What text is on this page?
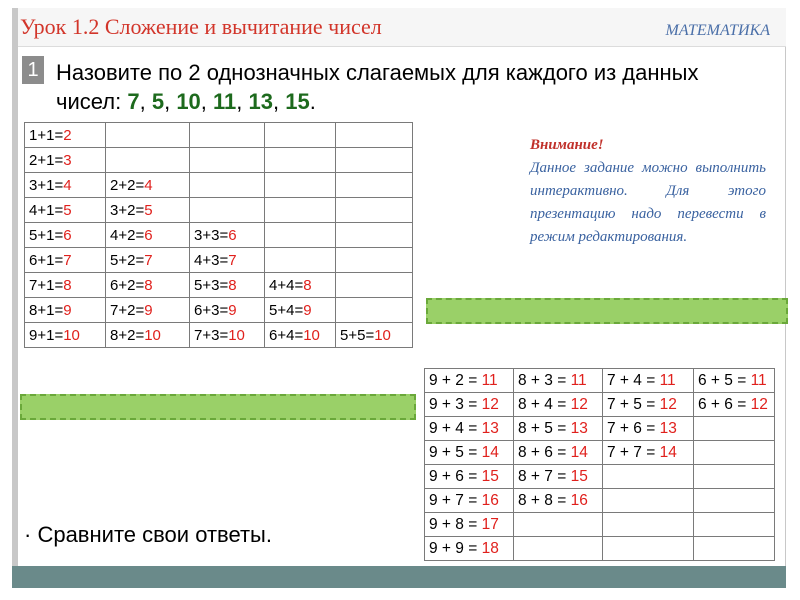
Урок 1.2 Сложение и вычитание чисел	МАТЕМАТИКА
1 Назовите по 2 однозначных слагаемых для каждого из данных чисел: 7, 5, 10, 11, 13, 15.
1+1=2				
2+1=3				
3+1=4	2+2=4			
4+1=5	3+2=5			
5+1=6	4+2=6	3+3=6		
6+1=7	5+2=7	4+3=7		
7+1=8	6+2=8	5+3=8	4+4=8	
8+1=9	7+2=9	6+3=9	5+4=9	
9+1=10	8+2=10	7+3=10	6+4=10	5+5=10
Внимание!
Данное задание можно выполнить интерактивно. Для этого презентацию надо перевести в режим редактирования.
9 + 2 = 11	8 + 3 = 11	7 + 4 = 11	6 + 5 = 11
9 + 3 = 12	8 + 4 = 12	7 + 5 = 12	6 + 6 = 12
9 + 4 = 13	8 + 5 = 13	7 + 6 = 13	
9 + 5 = 14	8 + 6 = 14	7 + 7 = 14	
9 + 6 = 15	8 + 7 = 15		
9 + 7 = 16	8 + 8 = 16		
9 + 8 = 17			
9 + 9 = 18			
· Сравните свои ответы.
